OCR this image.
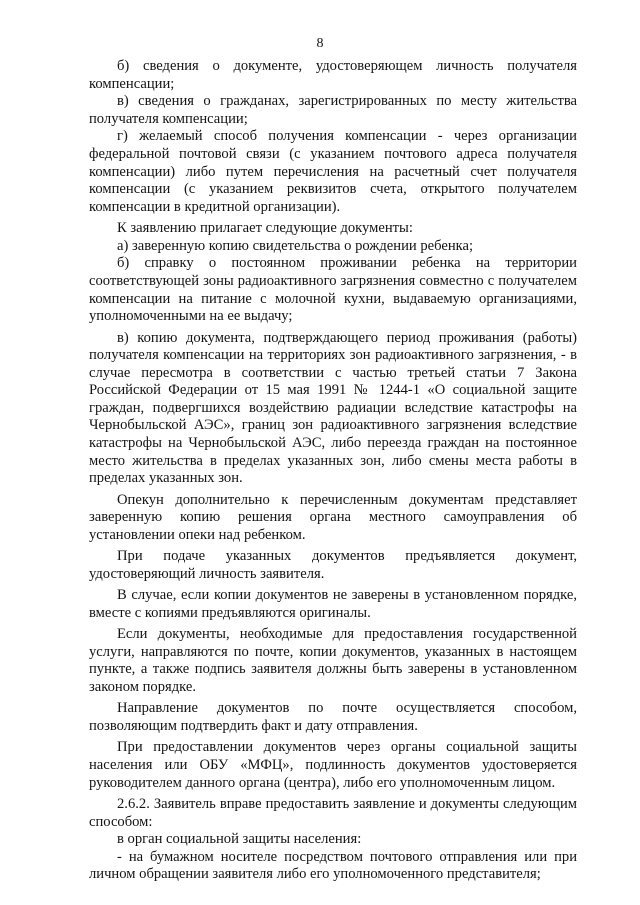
8

б) сведения о документе, удостоверяющем личность получателя компенсации;

в) сведения о гражданах, зарегистрированных по месту жительства получателя компенсации;

г) желаемый способ получения компенсации - через организации федеральной почтовой связи (с указанием почтового адреса получателя компенсации) либо путем перечисления на расчетный счет получателя компенсации (с указанием реквизитов счета, открытого получателем компенсации в кредитной организации).

К заявлению прилагает следующие документы:

а) заверенную копию свидетельства о рождении ребенка;

б) справку о постоянном проживании ребенка на территории соответствующей зоны радиоактивного загрязнения совместно с получателем компенсации на питание с молочной кухни, выдаваемую организациями, уполномоченными на ее выдачу;

в) копию документа, подтверждающего период проживания (работы) получателя компенсации на территориях зон радиоактивного загрязнения, - в случае пересмотра в соответствии с частью третьей статьи 7 Закона Российской Федерации от 15 мая 1991 № 1244-1 «О социальной защите граждан, подвергшихся воздействию радиации вследствие катастрофы на Чернобыльской АЭС», границ зон радиоактивного загрязнения вследствие катастрофы на Чернобыльской АЭС, либо переезда граждан на постоянное место жительства в пределах указанных зон, либо смены места работы в пределах указанных зон.

Опекун дополнительно к перечисленным документам представляет заверенную копию решения органа местного самоуправления об установлении опеки над ребенком.

При подаче указанных документов предъявляется документ, удостоверяющий личность заявителя.

В случае, если копии документов не заверены в установленном порядке, вместе с копиями предъявляются оригиналы.

Если документы, необходимые для предоставления государственной услуги, направляются по почте, копии документов, указанных в настоящем пункте, а также подпись заявителя должны быть заверены в установленном законом порядке.

Направление документов по почте осуществляется способом, позволяющим подтвердить факт и дату отправления.

При предоставлении документов через органы социальной защиты населения или ОБУ «МФЦ», подлинность документов удостоверяется руководителем данного органа (центра), либо его уполномоченным лицом.

2.6.2. Заявитель вправе предоставить заявление и документы следующим способом:

в орган социальной защиты населения:

- на бумажном носителе посредством почтового отправления или при личном обращении заявителя либо его уполномоченного представителя;
